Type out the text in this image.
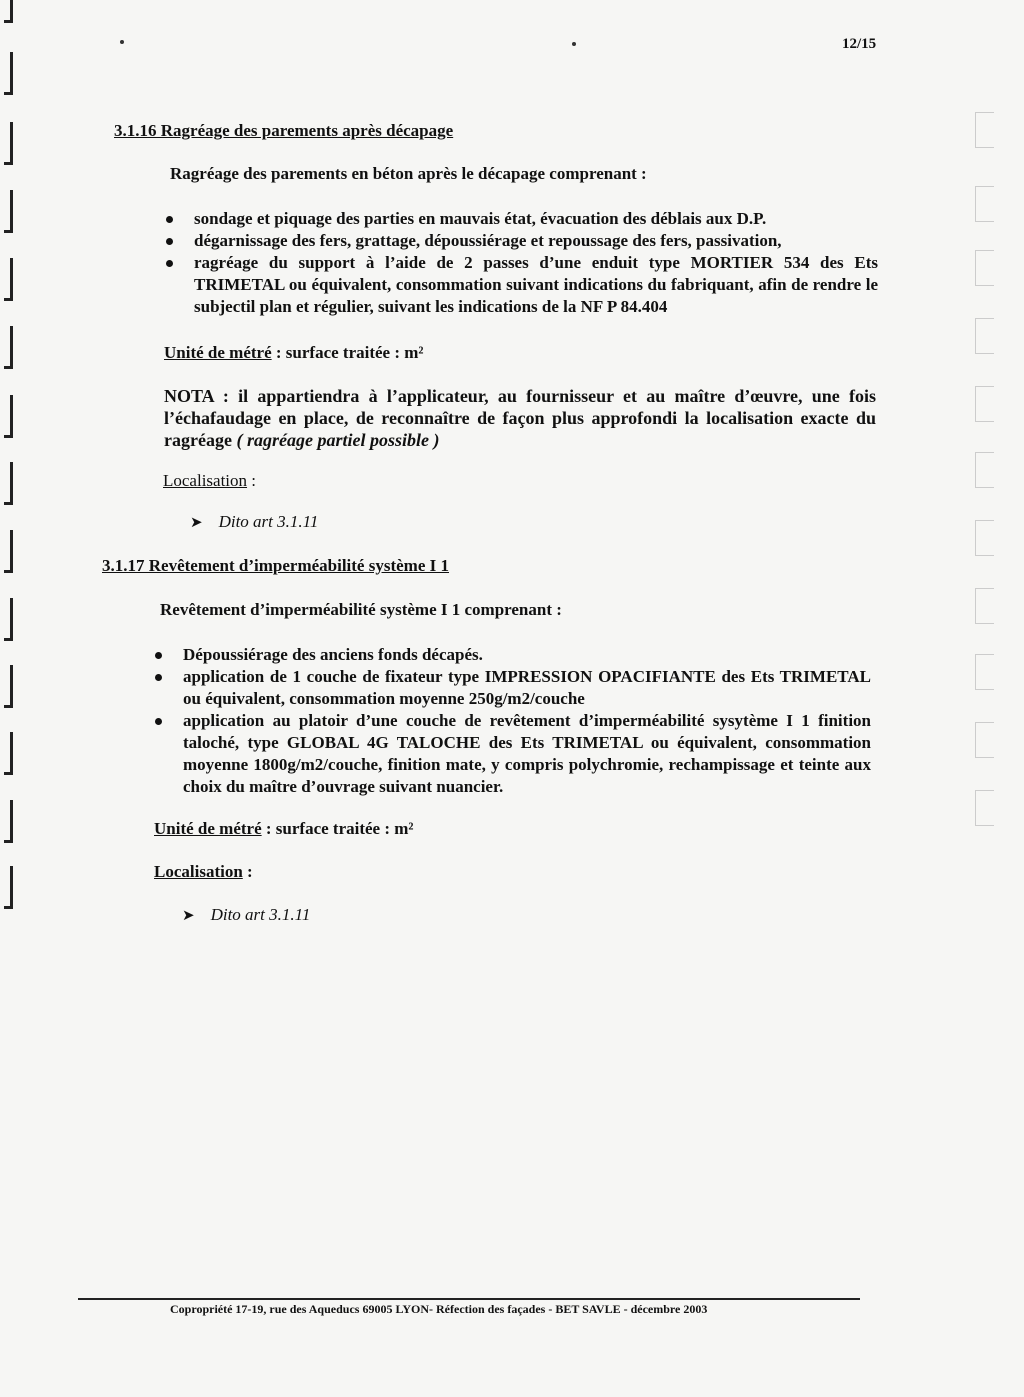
12/15
3.1.16 Ragréage des parements après décapage
Ragréage des parements en béton après le décapage comprenant :
sondage et piquage des parties en mauvais état, évacuation des déblais aux D.P.
dégarnissage des fers, grattage, dépoussiérage et repoussage des fers, passivation,
ragréage du support à l’aide de 2 passes d’une enduit type MORTIER 534 des Ets TRIMETAL ou équivalent, consommation suivant indications du fabriquant, afin de rendre le subjectil plan et régulier, suivant les indications de la NF P 84.404
Unité de métré : surface traitée : m²
NOTA : il appartiendra à l’applicateur, au fournisseur et au maître d’œuvre, une fois l’échafaudage en place, de reconnaître de façon plus approfondi la localisation exacte du ragréage ( ragréage partiel possible )
Localisation :
➤ Dito art 3.1.11
3.1.17 Revêtement d’imperméabilité système I 1
Revêtement d’imperméabilité système I 1 comprenant :
Dépoussiérage des anciens fonds décapés.
application de 1 couche de fixateur type IMPRESSION OPACIFIANTE des Ets TRIMETAL ou équivalent, consommation moyenne 250g/m2/couche
application au platoir d’une couche de revêtement d’imperméabilité sysytème I 1 finition taloché, type GLOBAL 4G TALOCHE des Ets TRIMETAL ou équivalent, consommation moyenne 1800g/m2/couche, finition mate, y compris polychromie, rechampissage et teinte aux choix du maître d’ouvrage suivant nuancier.
Unité de métré : surface traitée : m²
Localisation :
➤ Dito art 3.1.11
Copropriété 17-19, rue des Aqueducs 69005 LYON- Réfection des façades - BET SAVLE - décembre 2003
